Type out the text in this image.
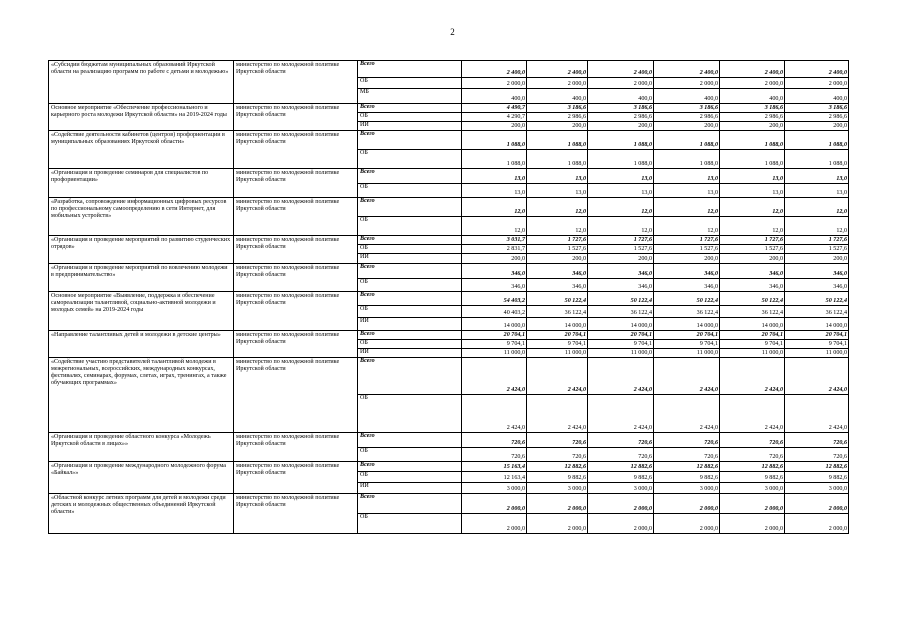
2
«Субсидии бюджетам муниципальных образований Иркутской области на реализацию программ по работе с детьми и молодежью»	министерство по молодежной политике Иркутской области	Всего	2 400,0	2 400,0	2 400,0	2 400,0	2 400,0	2 400,0
		ОБ	2 000,0	2 000,0	2 000,0	2 000,0	2 000,0	2 000,0
		МБ	400,0	400,0	400,0	400,0	400,0	400,0
Основное мероприятие «Обеспечение профессионального и карьерного роста молодежи Иркутской области» на 2019-2024 годы	министерство по молодежной политике Иркутской области	Всего	4 490,7	3 186,6	3 186,6	3 186,6	3 186,6	3 186,6
		ОБ	4 290,7	2 986,6	2 986,6	2 986,6	2 986,6	2 986,6
		ИИ	200,0	200,0	200,0	200,0	200,0	200,0
«Содействие деятельности кабинетов (центров) профориентации в муниципальных образованиях Иркутской области»	министерство по молодежной политике Иркутской области	Всего	1 088,0	1 088,0	1 088,0	1 088,0	1 088,0	1 088,0
		ОБ	1 088,0	1 088,0	1 088,0	1 088,0	1 088,0	1 088,0
«Организация и проведение семинаров для специалистов по профориентации»	министерство по молодежной политике Иркутской области	Всего	13,0	13,0	13,0	13,0	13,0	13,0
		ОБ	13,0	13,0	13,0	13,0	13,0	13,0
«Разработка, сопровождение информационных цифровых ресурсов по профессиональному самоопределению в сети Интернет, для мобильных устройств»	министерство по молодежной политике Иркутской области	Всего	12,0	12,0	12,0	12,0	12,0	12,0
		ОБ	12,0	12,0	12,0	12,0	12,0	12,0
«Организация и проведение мероприятий по развитию студенческих отрядов»	министерство по молодежной политике Иркутской области	Всего	3 031,7	1 727,6	1 727,6	1 727,6	1 727,6	1 727,6
		ОБ	2 831,7	1 527,6	1 527,6	1 527,6	1 527,6	1 527,6
		ИИ	200,0	200,0	200,0	200,0	200,0	200,0
«Организация и проведение мероприятий по вовлечению молодежи в предпринимательство»	министерство по молодежной политике Иркутской области	Всего	346,0	346,0	346,0	346,0	346,0	346,0
		ОБ	346,0	346,0	346,0	346,0	346,0	346,0
Основное мероприятие «Выявление, поддержка и обеспечение самореализации талантливой, социально-активной молодежи и молодых семей» на 2019-2024 годы	министерство по молодежной политике Иркутской области	Всего	54 403,2	50 122,4	50 122,4	50 122,4	50 122,4	50 122,4
		ОБ	40 403,2	36 122,4	36 122,4	36 122,4	36 122,4	36 122,4
		ИИ	14 000,0	14 000,0	14 000,0	14 000,0	14 000,0	14 000,0
«Направление талантливых детей и молодежи в детские центры»	министерство по молодежной политике Иркутской области	Всего	20 704,1	20 704,1	20 704,1	20 704,1	20 704,1	20 704,1
		ОБ	9 704,1	9 704,1	9 704,1	9 704,1	9 704,1	9 704,1
		ИИ	11 000,0	11 000,0	11 000,0	11 000,0	11 000,0	11 000,0
«Содействие участию представителей талантливой молодежи в межрегиональных, всероссийских, международных конкурсах, фестивалях, семинарах, форумах, слетах, играх, тренингах, а также обучающих программах»	министерство по молодежной политике Иркутской области	Всего	2 424,0	2 424,0	2 424,0	2 424,0	2 424,0	2 424,0
		ОБ	2 424,0	2 424,0	2 424,0	2 424,0	2 424,0	2 424,0
«Организация и проведение областного конкурса «Молодежь Иркутской области в лицах»»	министерство по молодежной политике Иркутской области	Всего	720,6	720,6	720,6	720,6	720,6	720,6
		ОБ	720,6	720,6	720,6	720,6	720,6	720,6
«Организация и проведение международного молодежного форума «Байкал»»	министерство по молодежной политике Иркутской области	Всего	15 163,4	12 882,6	12 882,6	12 882,6	12 882,6	12 882,6
		ОБ	12 163,4	9 882,6	9 882,6	9 882,6	9 882,6	9 882,6
		ИИ	3 000,0	3 000,0	3 000,0	3 000,0	3 000,0	3 000,0
«Областной конкурс летних программ для детей и молодежи среди детских и молодежных общественных объединений Иркутской области»	министерство по молодежной политике Иркутской области	Всего	2 000,0	2 000,0	2 000,0	2 000,0	2 000,0	2 000,0
		ОБ	2 000,0	2 000,0	2 000,0	2 000,0	2 000,0	2 000,0
